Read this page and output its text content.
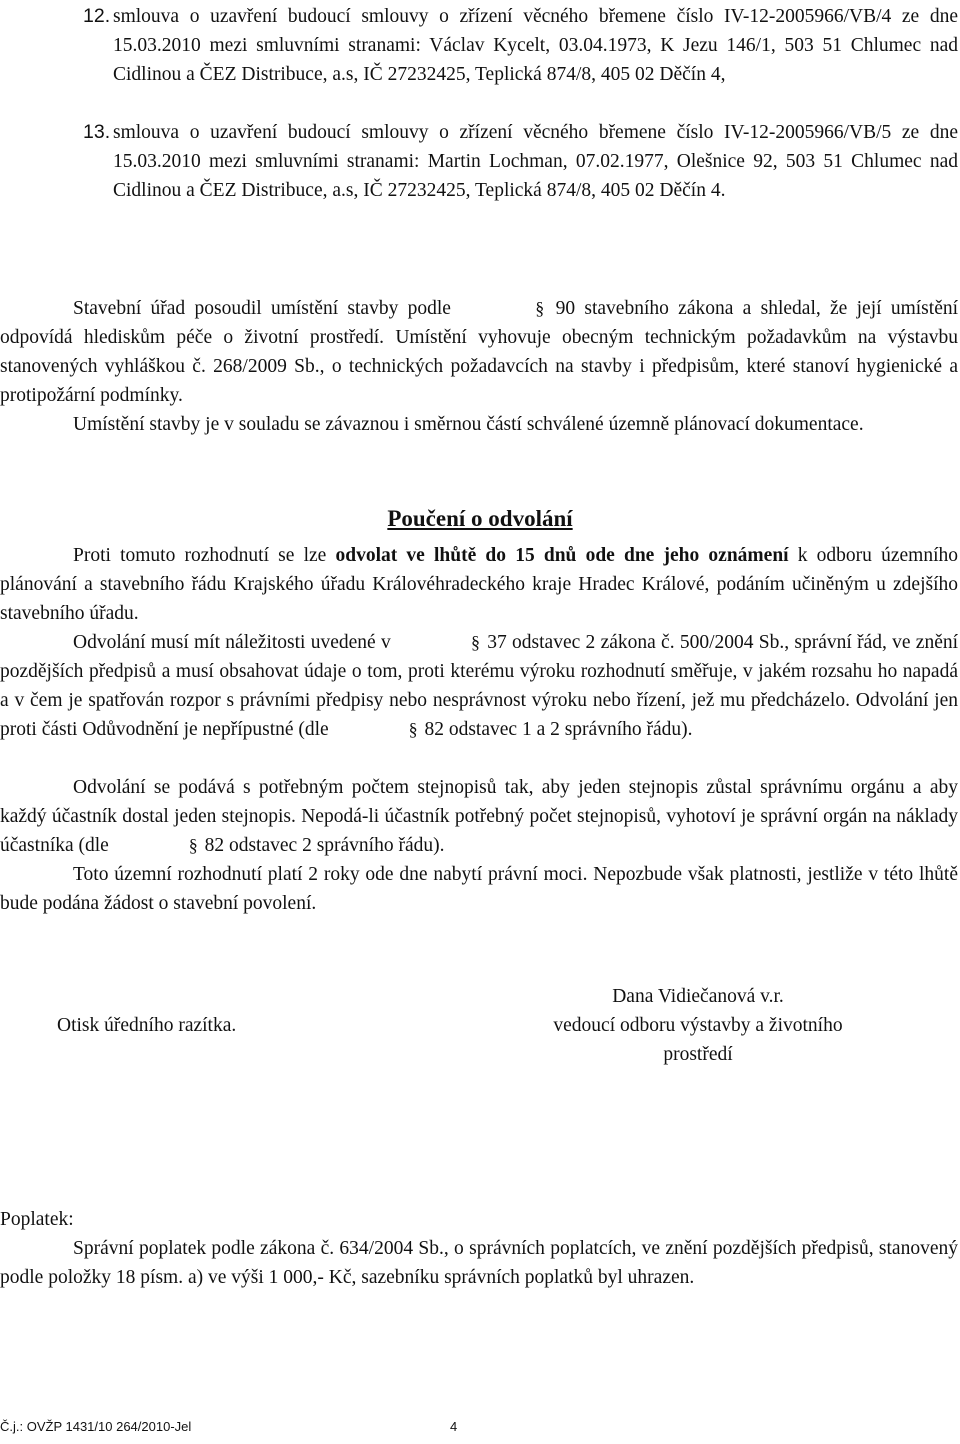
12. smlouva o uzavření budoucí smlouvy o zřízení věcného břemene číslo IV-12-2005966/VB/4 ze dne 15.03.2010 mezi smluvními stranami: Václav Kycelt, 03.04.1973, K Jezu 146/1, 503 51 Chlumec nad Cidlinou a ČEZ Distribuce, a.s, IČ 27232425, Teplická 874/8, 405 02 Děčín 4,
13. smlouva o uzavření budoucí smlouvy o zřízení věcného břemene číslo IV-12-2005966/VB/5 ze dne 15.03.2010 mezi smluvními stranami: Martin Lochman, 07.02.1977, Olešnice 92, 503 51 Chlumec nad Cidlinou a ČEZ Distribuce, a.s, IČ 27232425, Teplická 874/8, 405 02 Děčín 4.
Stavební úřad posoudil umístění stavby podle	§ 90 stavebního zákona a shledal, že její umístění odpovídá hlediskům péče o životní prostředí. Umístění vyhovuje obecným technickým požadavkům na výstavbu stanovených vyhláškou č. 268/2009 Sb., o technických požadavcích na stavby i předpisům, které stanoví hygienické a protipožární podmínky.
Umístění stavby je v souladu se závaznou i směrnou částí schválené územně plánovací dokumentace.
Poučení o odvolání
Proti tomuto rozhodnutí se lze odvolat ve lhůtě do 15 dnů ode dne jeho oznámení k odboru územního plánování a stavebního řádu Krajského úřadu Královéhradeckého kraje Hradec Králové, podáním učiněným u zdejšího stavebního úřadu.
Odvolání musí mít náležitosti uvedené v	§ 37 odstavec 2 zákona č. 500/2004 Sb., správní řád, ve znění pozdějších předpisů a musí obsahovat údaje o tom, proti kterému výroku rozhodnutí směřuje, v jakém rozsahu ho napadá a v čem je spatřován rozpor s právními předpisy nebo nesprávnost výroku nebo řízení, jež mu předcházelo. Odvolání jen proti části Odůvodnění je nepřípustné (dle	§ 82 odstavec 1 a 2 správního řádu).
Odvolání se podává s potřebným počtem stejnopisů tak, aby jeden stejnopis zůstal správnímu orgánu a aby každý účastník dostal jeden stejnopis. Nepodá-li účastník potřebný počet stejnopisů, vyhotoví je správní orgán na náklady účastníka (dle	§ 82 odstavec 2 správního řádu).
Toto územní rozhodnutí platí 2 roky ode dne nabytí právní moci. Nepozbude však platnosti, jestliže v této lhůtě bude podána žádost o stavební povolení.
Otisk úředního razítka.
Dana Vidiečanová v.r.
vedoucí odboru výstavby a životního
prostředí
Poplatek:
Správní poplatek podle zákona č. 634/2004 Sb., o správních poplatcích, ve znění pozdějších předpisů, stanovený podle položky 18 písm. a) ve výši 1 000,- Kč, sazebníku správních poplatků byl uhrazen.
Č.j.: OVŽP 1431/10 264/2010-Jel	4
